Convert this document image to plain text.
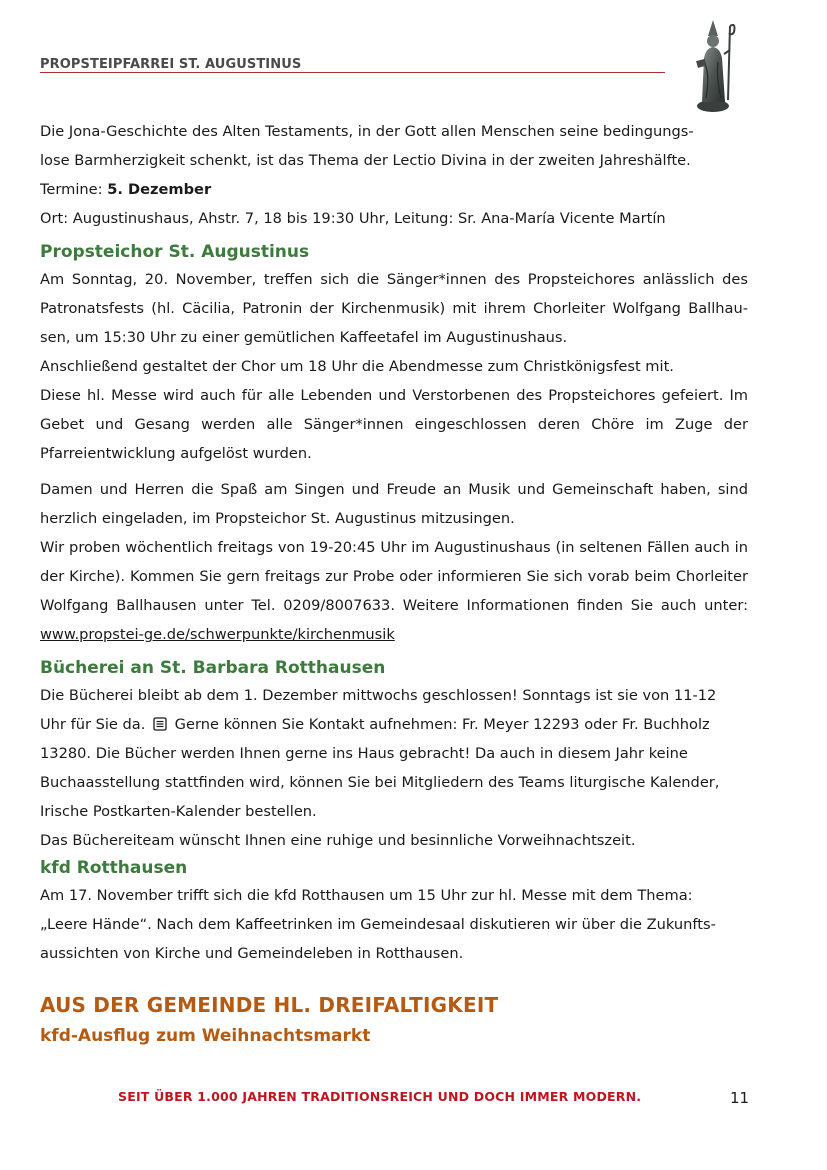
PROPSTEIPFARREI ST. AUGUSTINUS

Die Jona-Geschichte des Alten Testaments, in der Gott allen Menschen seine bedingungs-

lose Barmherzigkeit schenkt, ist das Thema der Lectio Divina in der zweiten Jahreshälfte.

Termine: 5. Dezember

Ort: Augustinushaus, Ahstr. 7, 18 bis 19:30 Uhr, Leitung: Sr. Ana-María Vicente Martín

Propsteichor St. Augustinus

Am Sonntag, 20. November, treffen sich die Sänger*innen des Propsteichores anlässlich des Patronatsfests (hl. Cäcilia, Patronin der Kirchenmusik) mit ihrem Chorleiter Wolfgang Ballhau-sen, um 15:30 Uhr zu einer gemütlichen Kaffeetafel im Augustinushaus.

Anschließend gestaltet der Chor um 18 Uhr die Abendmesse zum Christkönigsfest mit.

Diese hl. Messe wird auch für alle Lebenden und Verstorbenen des Propsteichores gefeiert. Im Gebet und Gesang werden alle Sänger*innen eingeschlossen deren Chöre im Zuge der Pfarreientwicklung aufgelöst wurden.

Damen und Herren die Spaß am Singen und Freude an Musik und Gemeinschaft haben, sind herzlich eingeladen, im Propsteichor St. Augustinus mitzusingen.

Wir proben wöchentlich freitags von 19-20:45 Uhr im Augustinushaus (in seltenen Fällen auch in der Kirche). Kommen Sie gern freitags zur Probe oder informieren Sie sich vorab beim Chorleiter Wolfgang Ballhausen unter Tel. 0209/8007633. Weitere Informationen finden Sie auch unter: www.propstei-ge.de/schwerpunkte/kirchenmusik

Bücherei an St. Barbara Rotthausen

Die Bücherei bleibt ab dem 1. Dezember mittwochs geschlossen! Sonntags ist sie von 11-12

Uhr für Sie da.  Gerne können Sie Kontakt aufnehmen: Fr. Meyer 12293 oder Fr. Buchholz

13280. Die Bücher werden Ihnen gerne ins Haus gebracht! Da auch in diesem Jahr keine

Buchaasstellung stattfinden wird, können Sie bei Mitgliedern des Teams liturgische Kalender,

Irische Postkarten-Kalender bestellen.

Das Büchereiteam wünscht Ihnen eine ruhige und besinnliche Vorweihnachtszeit.

kfd Rotthausen

Am 17. November trifft sich die kfd Rotthausen um 15 Uhr zur hl. Messe mit dem Thema:

„Leere Hände“. Nach dem Kaffeetrinken im Gemeindesaal diskutieren wir über die Zukunfts-

aussichten von Kirche und Gemeindeleben in Rotthausen.

AUS DER GEMEINDE HL. DREIFALTIGKEIT
kfd-Ausflug zum Weihnachtsmarkt
SEIT ÜBER 1.000 JAHREN TRADITIONSREICH UND DOCH IMMER MODERN.	11
